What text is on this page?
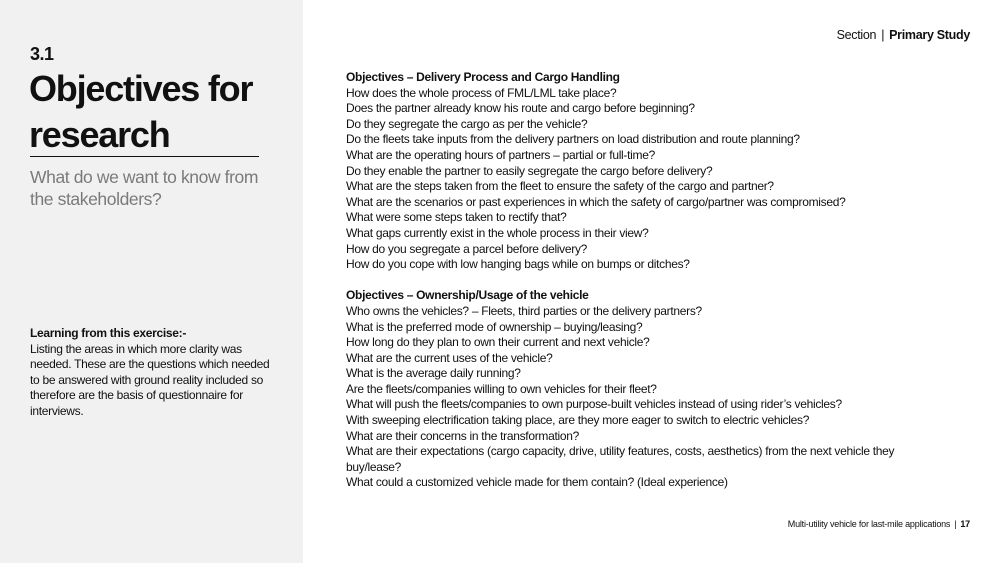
3.1
Objectives for research
What do we want to know from the stakeholders?
Learning from this exercise:-
Listing the areas in which more clarity was needed. These are the questions which needed to be answered with ground reality included so therefore are the basis of questionnaire for interviews.
Section | Primary Study
Objectives – Delivery Process and Cargo Handling
How does the whole process of FML/LML take place?
Does the partner already know his route and cargo before beginning?
Do they segregate the cargo as per the vehicle?
Do the fleets take inputs from the delivery partners on load distribution and route planning?
What are the operating hours of partners – partial or full-time?
Do they enable the partner to easily segregate the cargo before delivery?
What are the steps taken from the fleet to ensure the safety of the cargo and partner?
What are the scenarios or past experiences in which the safety of cargo/partner was compromised?
What were some steps taken to rectify that?
What gaps currently exist in the whole process in their view?
How do you segregate a parcel before delivery?
How do you cope with low hanging bags while on bumps or ditches?
Objectives – Ownership/Usage of the vehicle
Who owns the vehicles? – Fleets, third parties or the delivery partners?
What is the preferred mode of ownership – buying/leasing?
How long do they plan to own their current and next vehicle?
What are the current uses of the vehicle?
What is the average daily running?
Are the fleets/companies willing to own vehicles for their fleet?
What will push the fleets/companies to own purpose-built vehicles instead of using rider’s vehicles?
With sweeping electrification taking place, are they more eager to switch to electric vehicles?
What are their concerns in the transformation?
What are their expectations (cargo capacity, drive, utility features, costs, aesthetics) from the next vehicle they buy/lease?
What could a customized vehicle made for them contain? (Ideal experience)
Multi-utility vehicle for last-mile applications | 17
